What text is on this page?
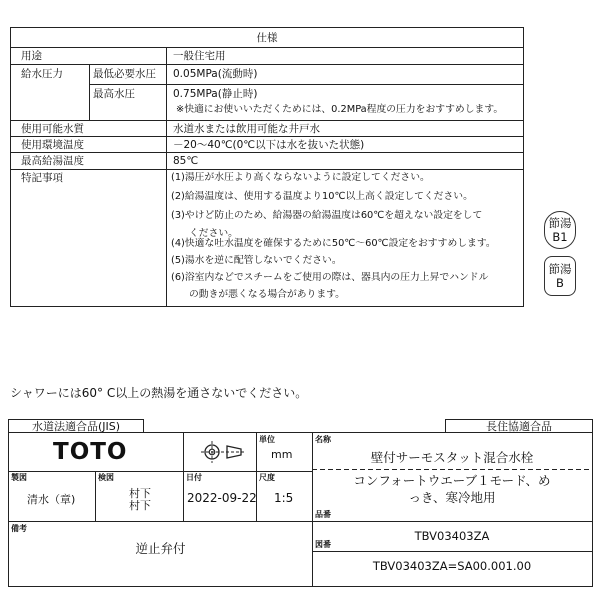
仕様
用途	一般住宅用
給水圧力	最低必要水圧 0.05MPa(流動時)
最高水圧	0.75MPa(静止時)
※快適にお使いいただくためには、0.2MPa程度の圧力をおすすめします。
使用可能水質	水道水または飲用可能な井戸水
使用環境温度	－20～40℃(0℃以下は水を抜いた状態)
最高給湯温度	85℃
特記事項	(1)湯圧が水圧より高くならないように設定してください。
(2)給湯温度は、使用する温度より10℃以上高く設定してください。
(3)やけど防止のため、給湯器の給湯温度は60℃を超えない設定をして
ください。
(4)快適な吐水温度を確保するために50℃～60℃設定をおすすめします。
(5)湯水を逆に配管しないでください。
(6)浴室内などでスチームをご使用の際は、器具内の圧力上昇でハンドル
の動きが悪くなる場合があります。
節湯
B1
節湯
B
シャワーには60° C以上の熱湯を通さないでください。
水道法適合品(JIS)	長住協適合品
TOTO	単位
mm
名称
壁付サーモスタット混合水栓
コンフォートウエーブ１モード、め
っき、寒冷地用
製図
清水（章)
検図
村下
村下
日付
2022-09-22
尺度
1:5
品番
TBV03403ZA
備考
逆止弁付	図番
TBV03403ZA=SA00.001.00
